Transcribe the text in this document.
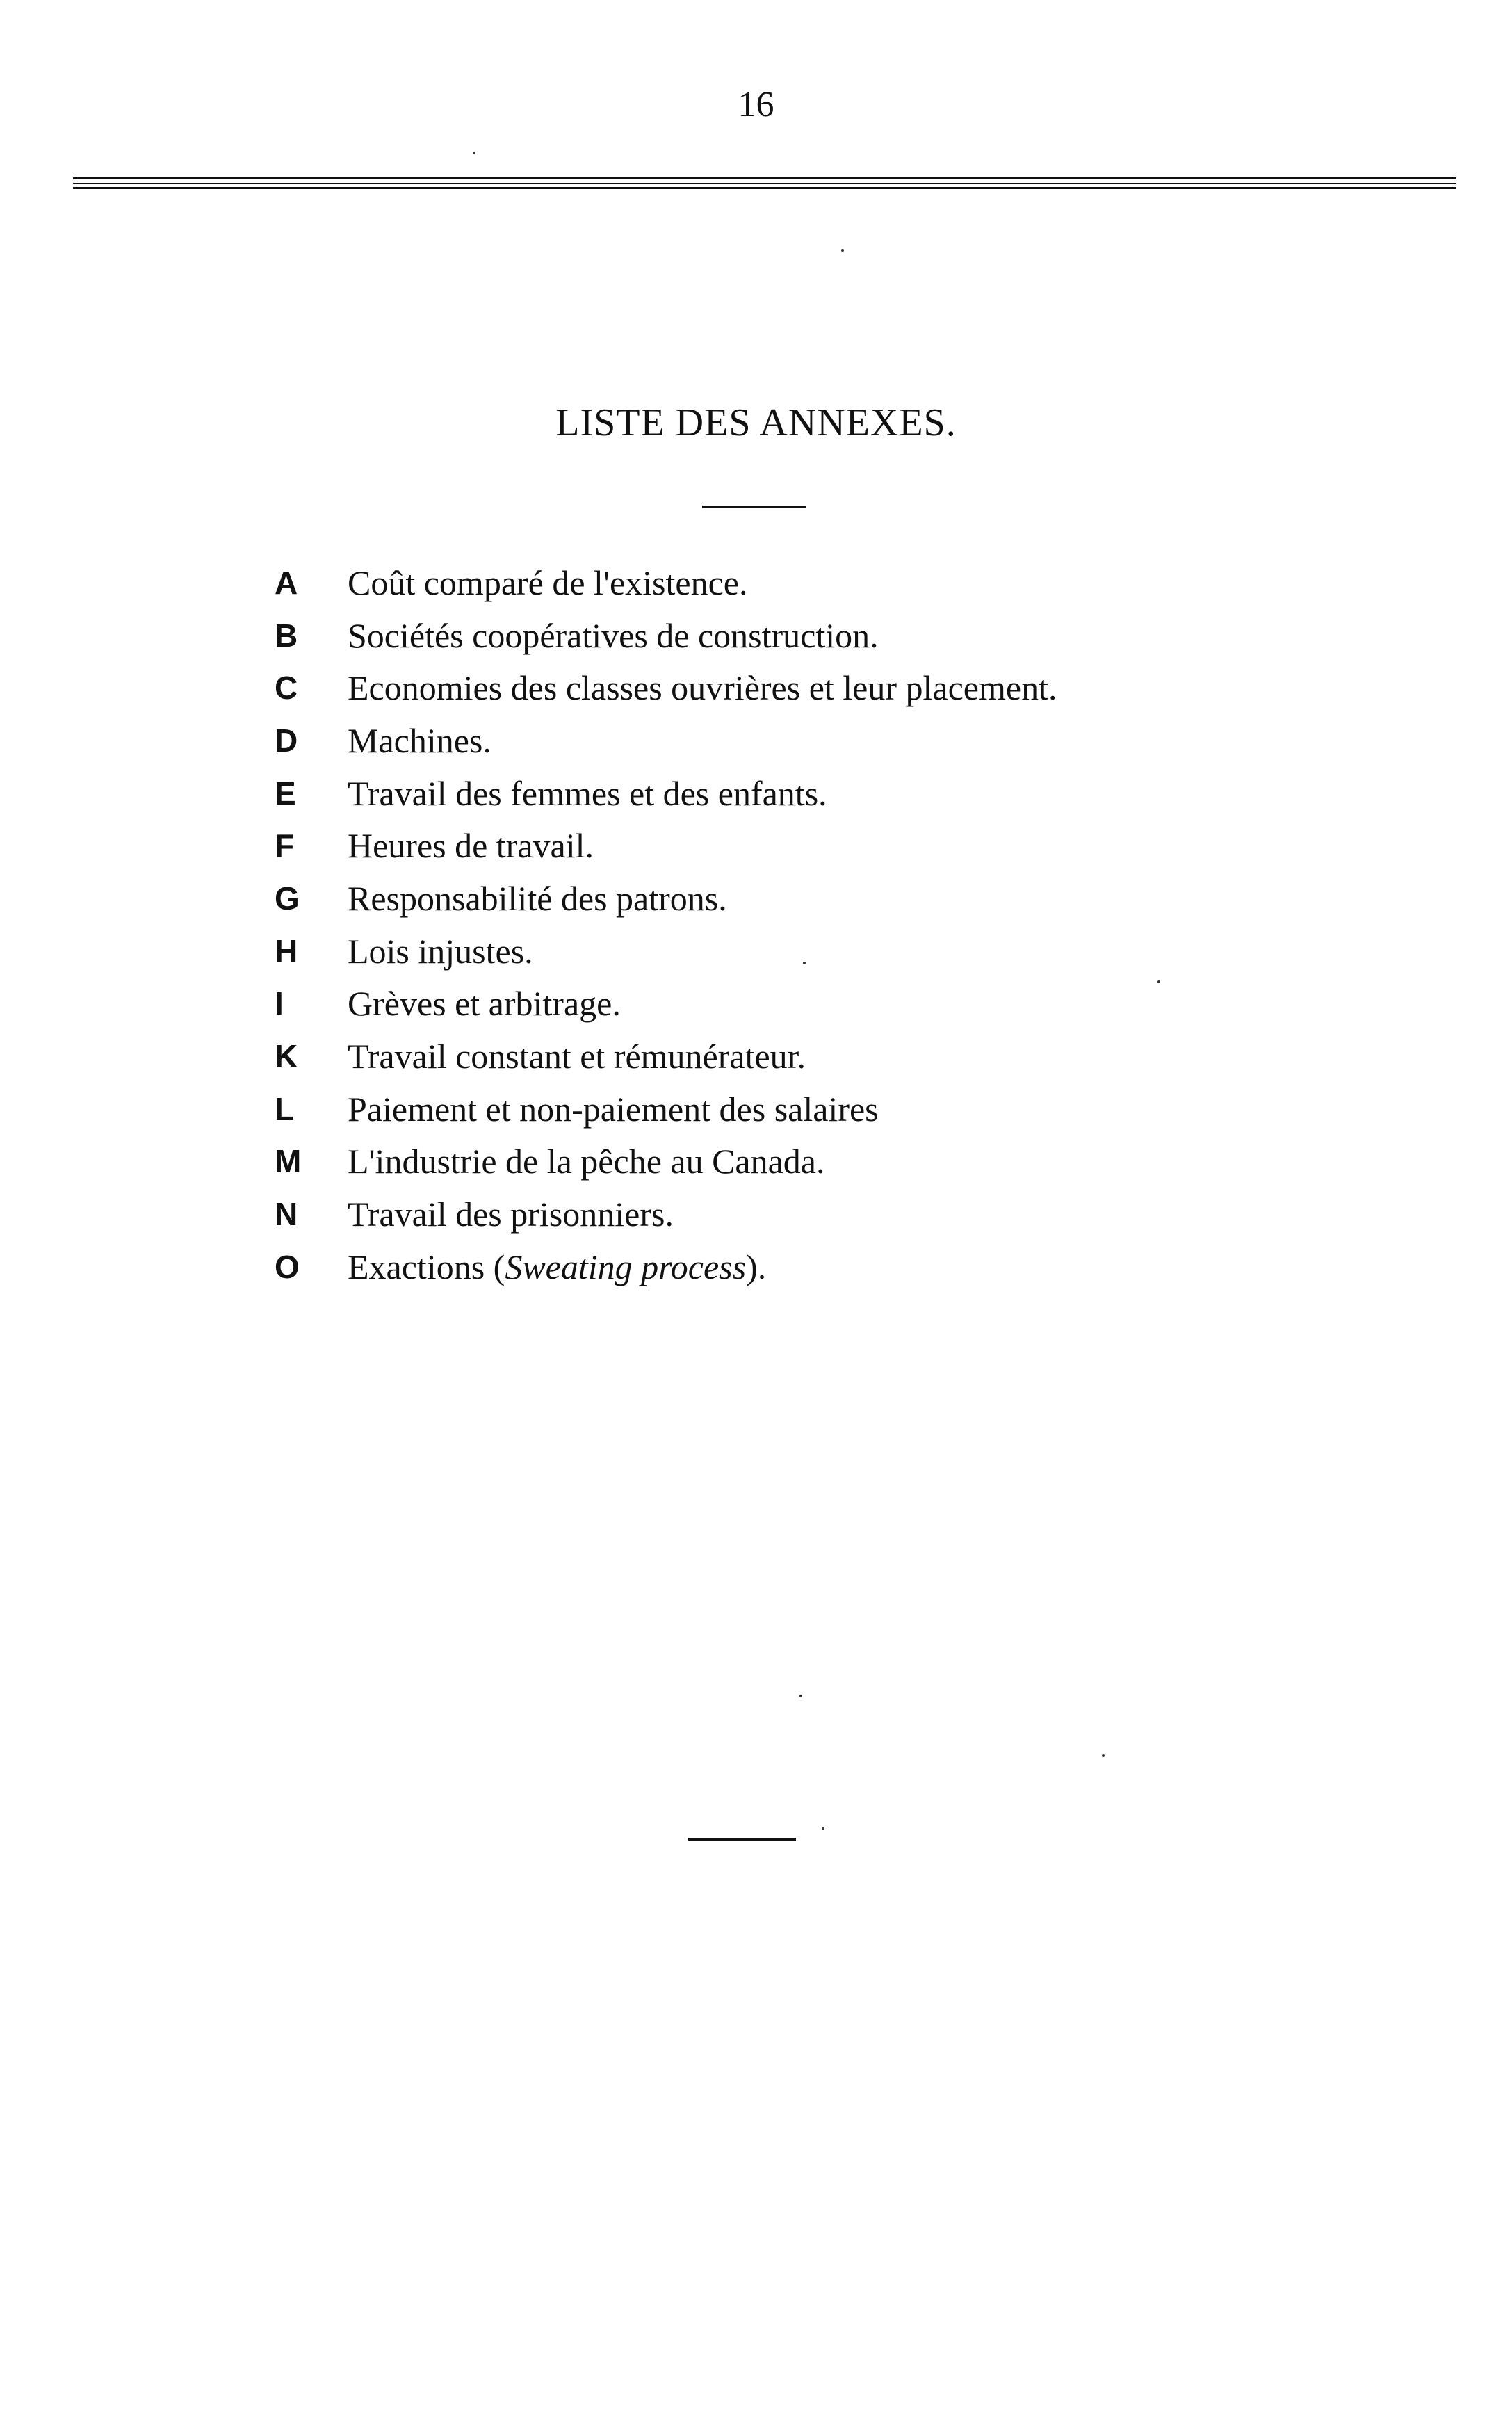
16
LISTE DES ANNEXES.
A	Coût comparé de l'existence.
B	Sociétés coopératives de construction.
C	Economies des classes ouvrières et leur placement.
D	Machines.
E	Travail des femmes et des enfants.
F	Heures de travail.
G	Responsabilité des patrons.
H	Lois injustes.
I	Grèves et arbitrage.
K	Travail constant et rémunérateur.
L	Paiement et non-paiement des salaires
M	L'industrie de la pêche au Canada.
N	Travail des prisonniers.
O	Exactions (Sweating process).
